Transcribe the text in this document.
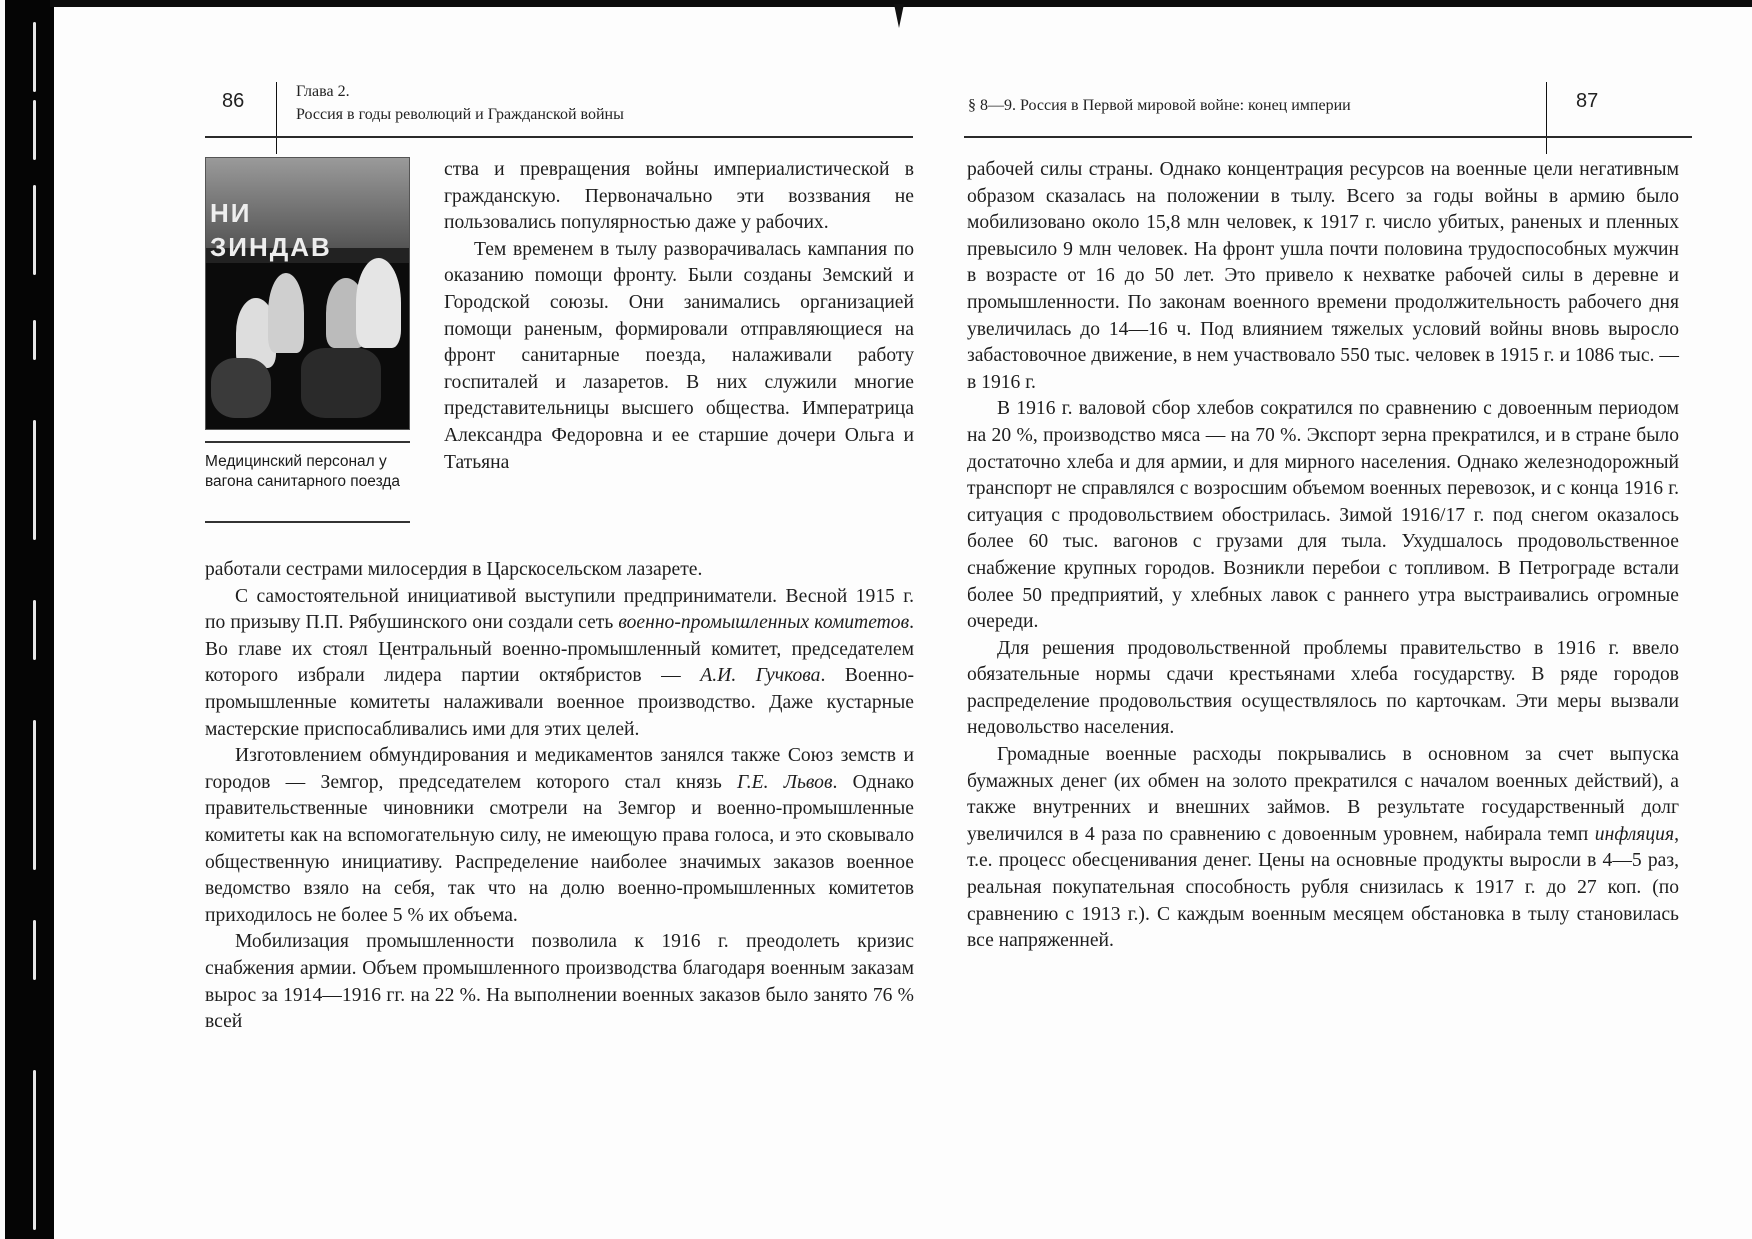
86	Глава 2.
Россия в годы революций и Гражданской войны
НИ
ЗИНДАВ
Медицинский персонал у вагона санитарного поезда

ства и превращения войны империалистической в гражданскую. Первоначально эти воззвания не пользовались популярностью даже у рабочих.

Тем временем в тылу разворачивалась кампания по оказанию помощи фронту. Были созданы Земский и Городской союзы. Они занимались организацией помощи раненым, формировали отправляющиеся на фронт санитарные поезда, налаживали работу госпиталей и лазаретов. В них служили многие представительницы высшего общества. Императрица Александра Федоровна и ее старшие дочери Ольга и Татьяна

работали сестрами милосердия в Царскосельском лазарете.

С самостоятельной инициативой выступили предприниматели. Весной 1915 г. по призыву П.П. Рябушинского они создали сеть военно-промышленных комитетов. Во главе их стоял Центральный военно-промышленный комитет, председателем которого избрали лидера партии октябристов — А.И. Гучкова. Военно-промышленные комитеты налаживали военное производство. Даже кустарные мастерские приспосабливались ими для этих целей.

Изготовлением обмундирования и медикаментов занялся также Союз земств и городов — Земгор, председателем которого стал князь Г.Е. Львов. Однако правительственные чиновники смотрели на Земгор и военно-промышленные комитеты как на вспомогательную силу, не имеющую права голоса, и это сковывало общественную инициативу. Распределение наиболее значимых заказов военное ведомство взяло на себя, так что на долю военно-промышленных комитетов приходилось не более 5 % их объема.

Мобилизация промышленности позволила к 1916 г. преодолеть кризис снабжения армии. Объем промышленного производства благодаря военным заказам вырос за 1914—1916 гг. на 22 %. На выполнении военных заказов было занято 76 % всей

§ 8—9. Россия в Первой мировой войне: конец империи	87

рабочей силы страны. Однако концентрация ресурсов на военные цели негативным образом сказалась на положении в тылу. Всего за годы войны в армию было мобилизовано около 15,8 млн человек, к 1917 г. число убитых, раненых и пленных превысило 9 млн человек. На фронт ушла почти половина трудоспособных мужчин в возрасте от 16 до 50 лет. Это привело к нехватке рабочей силы в деревне и промышленности. По законам военного времени продолжительность рабочего дня увеличилась до 14—16 ч. Под влиянием тяжелых условий войны вновь выросло забастовочное движение, в нем участвовало 550 тыс. человек в 1915 г. и 1086 тыс. — в 1916 г.

В 1916 г. валовой сбор хлебов сократился по сравнению с довоенным периодом на 20 %, производство мяса — на 70 %. Экспорт зерна прекратился, и в стране было достаточно хлеба и для армии, и для мирного населения. Однако железнодорожный транспорт не справлялся с возросшим объемом военных перевозок, и с конца 1916 г. ситуация с продовольствием обострилась. Зимой 1916/17 г. под снегом оказалось более 60 тыс. вагонов с грузами для тыла. Ухудшалось продовольственное снабжение крупных городов. Возникли перебои с топливом. В Петрограде встали более 50 предприятий, у хлебных лавок с раннего утра выстраивались огромные очереди.

Для решения продовольственной проблемы правительство в 1916 г. ввело обязательные нормы сдачи крестьянами хлеба государству. В ряде городов распределение продовольствия осуществлялось по карточкам. Эти меры вызвали недовольство населения.

Громадные военные расходы покрывались в основном за счет выпуска бумажных денег (их обмен на золото прекратился с началом военных действий), а также внутренних и внешних займов. В результате государственный долг увеличился в 4 раза по сравнению с довоенным уровнем, набирала темп инфляция, т.е. процесс обесценивания денег. Цены на основные продукты выросли в 4—5 раз, реальная покупательная способность рубля снизилась к 1917 г. до 27 коп. (по сравнению с 1913 г.). С каждым военным месяцем обстановка в тылу становилась все напряженней.
